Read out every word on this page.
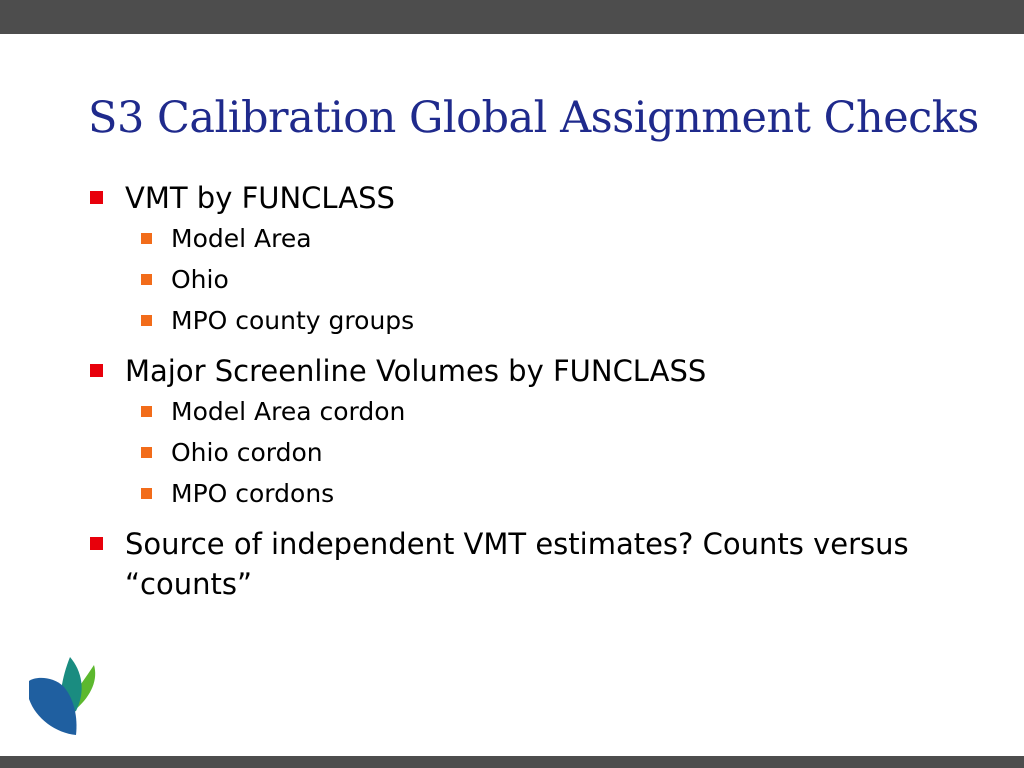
S3 Calibration Global Assignment Checks
VMT by FUNCLASS
Model Area
Ohio
MPO county groups
Major Screenline Volumes by FUNCLASS
Model Area cordon
Ohio cordon
MPO cordons
Source of independent VMT estimates? Counts versus “counts”
